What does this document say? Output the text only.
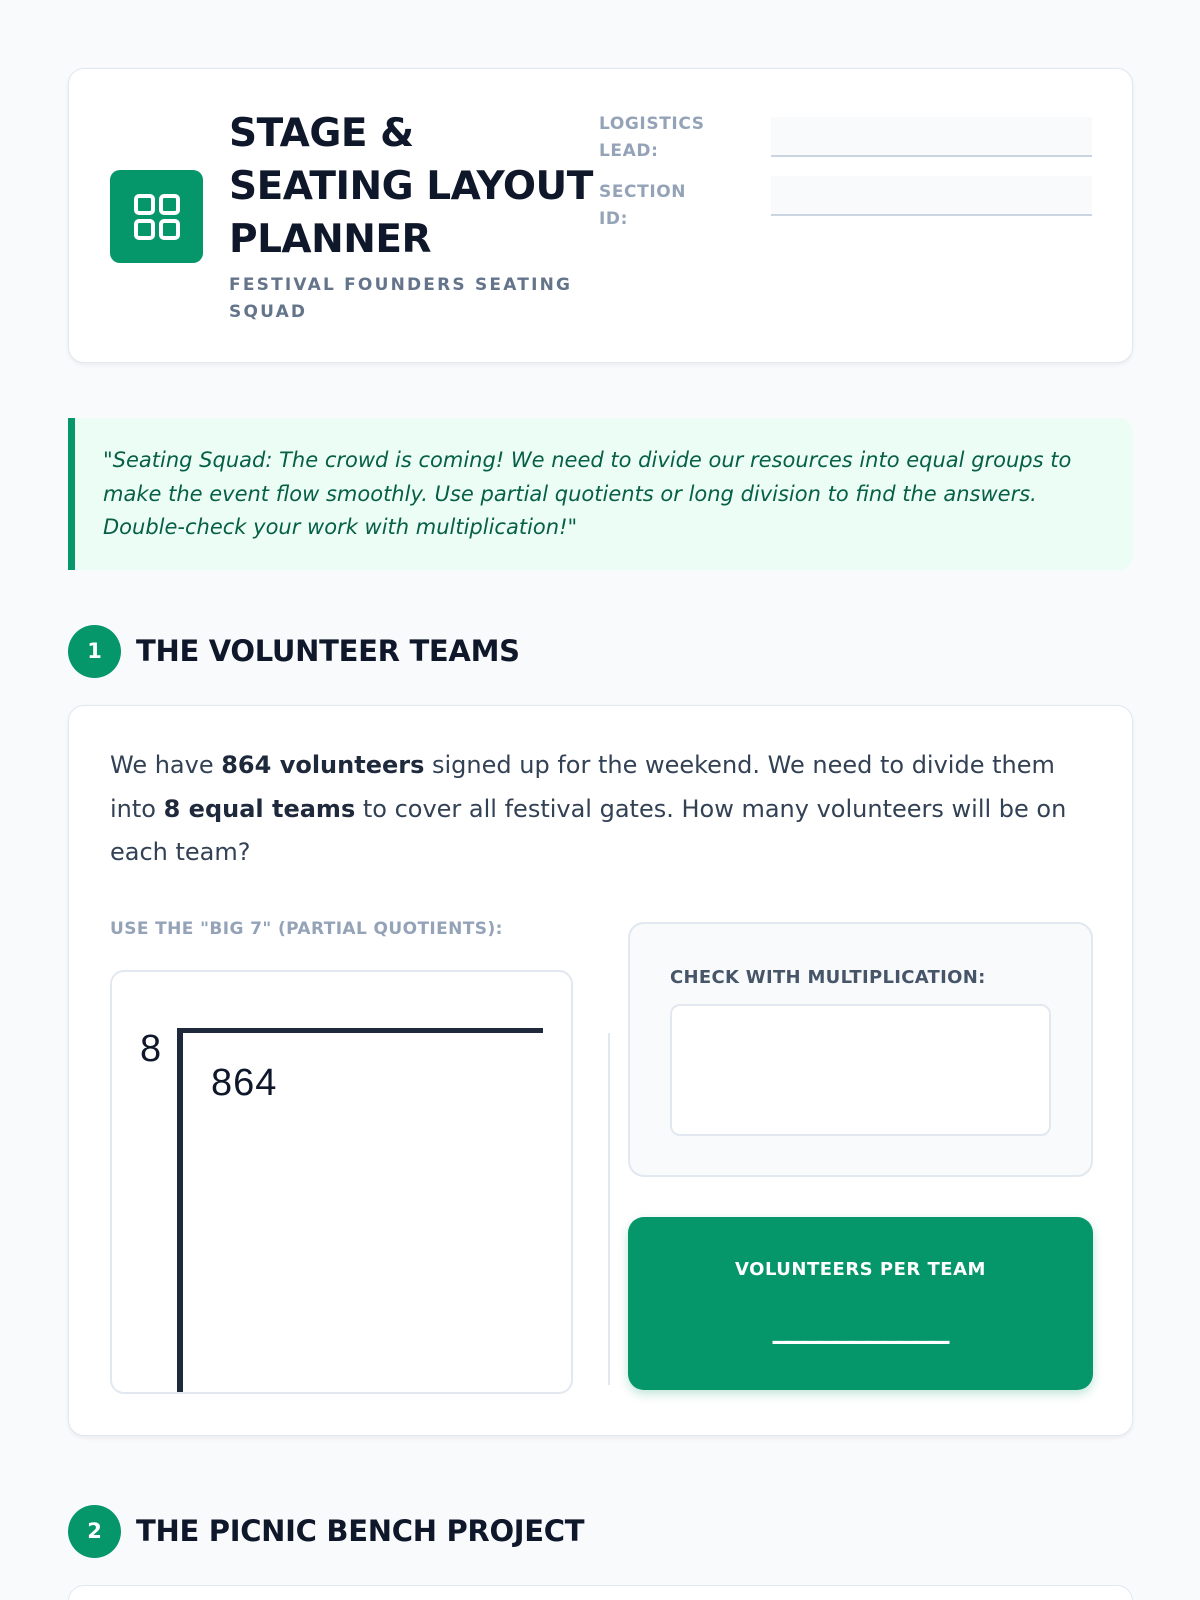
STAGE & SEATING LAYOUT PLANNER
FESTIVAL FOUNDERS SEATING SQUAD
LOGISTICS LEAD:
SECTION ID:
"Seating Squad: The crowd is coming! We need to divide our resources into equal groups to make the event flow smoothly. Use partial quotients or long division to find the answers. Double-check your work with multiplication!"
1	THE VOLUNTEER TEAMS

We have 864 volunteers signed up for the weekend. We need to divide them into 8 equal teams to cover all festival gates. How many volunteers will be on each team?

USE THE "BIG 7" (PARTIAL QUOTIENTS):
8
864
CHECK WITH MULTIPLICATION:
VOLUNTEERS PER TEAM
___________
2	THE PICNIC BENCH PROJECT
